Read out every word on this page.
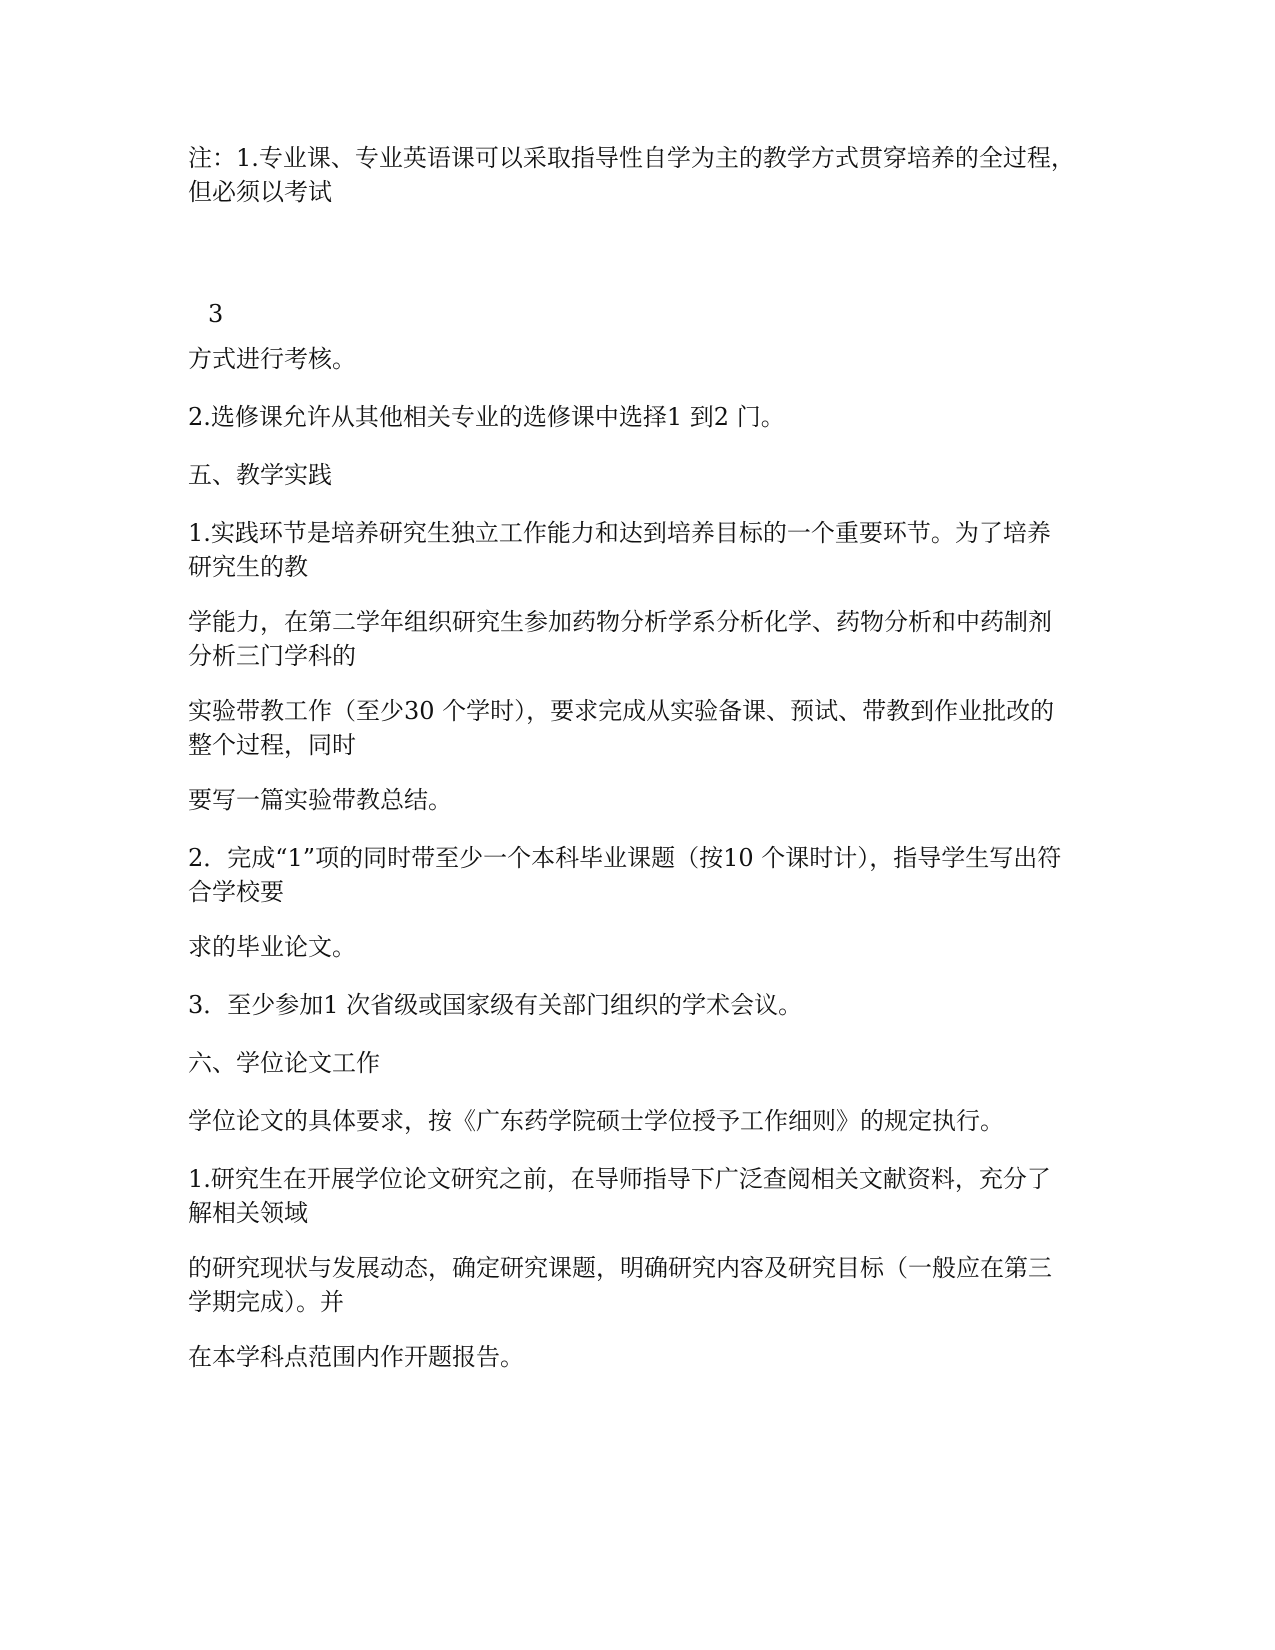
注：1.专业课、专业英语课可以采取指导性自学为主的教学方式贯穿培养的全过程，
但必须以考试

3

方式进行考核。

2.选修课允许从其他相关专业的选修课中选择1 到2 门。

五、教学实践

1.实践环节是培养研究生独立工作能力和达到培养目标的一个重要环节。为了培养
研究生的教

学能力，在第二学年组织研究生参加药物分析学系分析化学、药物分析和中药制剂
分析三门学科的

实验带教工作（至少30 个学时），要求完成从实验备课、预试、带教到作业批改的
整个过程，同时

要写一篇实验带教总结。

2．完成“1”项的同时带至少一个本科毕业课题（按10 个课时计），指导学生写出符
合学校要

求的毕业论文。

3．至少参加1 次省级或国家级有关部门组织的学术会议。

六、学位论文工作

学位论文的具体要求，按《广东药学院硕士学位授予工作细则》的规定执行。

1.研究生在开展学位论文研究之前，在导师指导下广泛查阅相关文献资料，充分了
解相关领域

的研究现状与发展动态，确定研究课题，明确研究内容及研究目标（一般应在第三
学期完成）。并

在本学科点范围内作开题报告。
